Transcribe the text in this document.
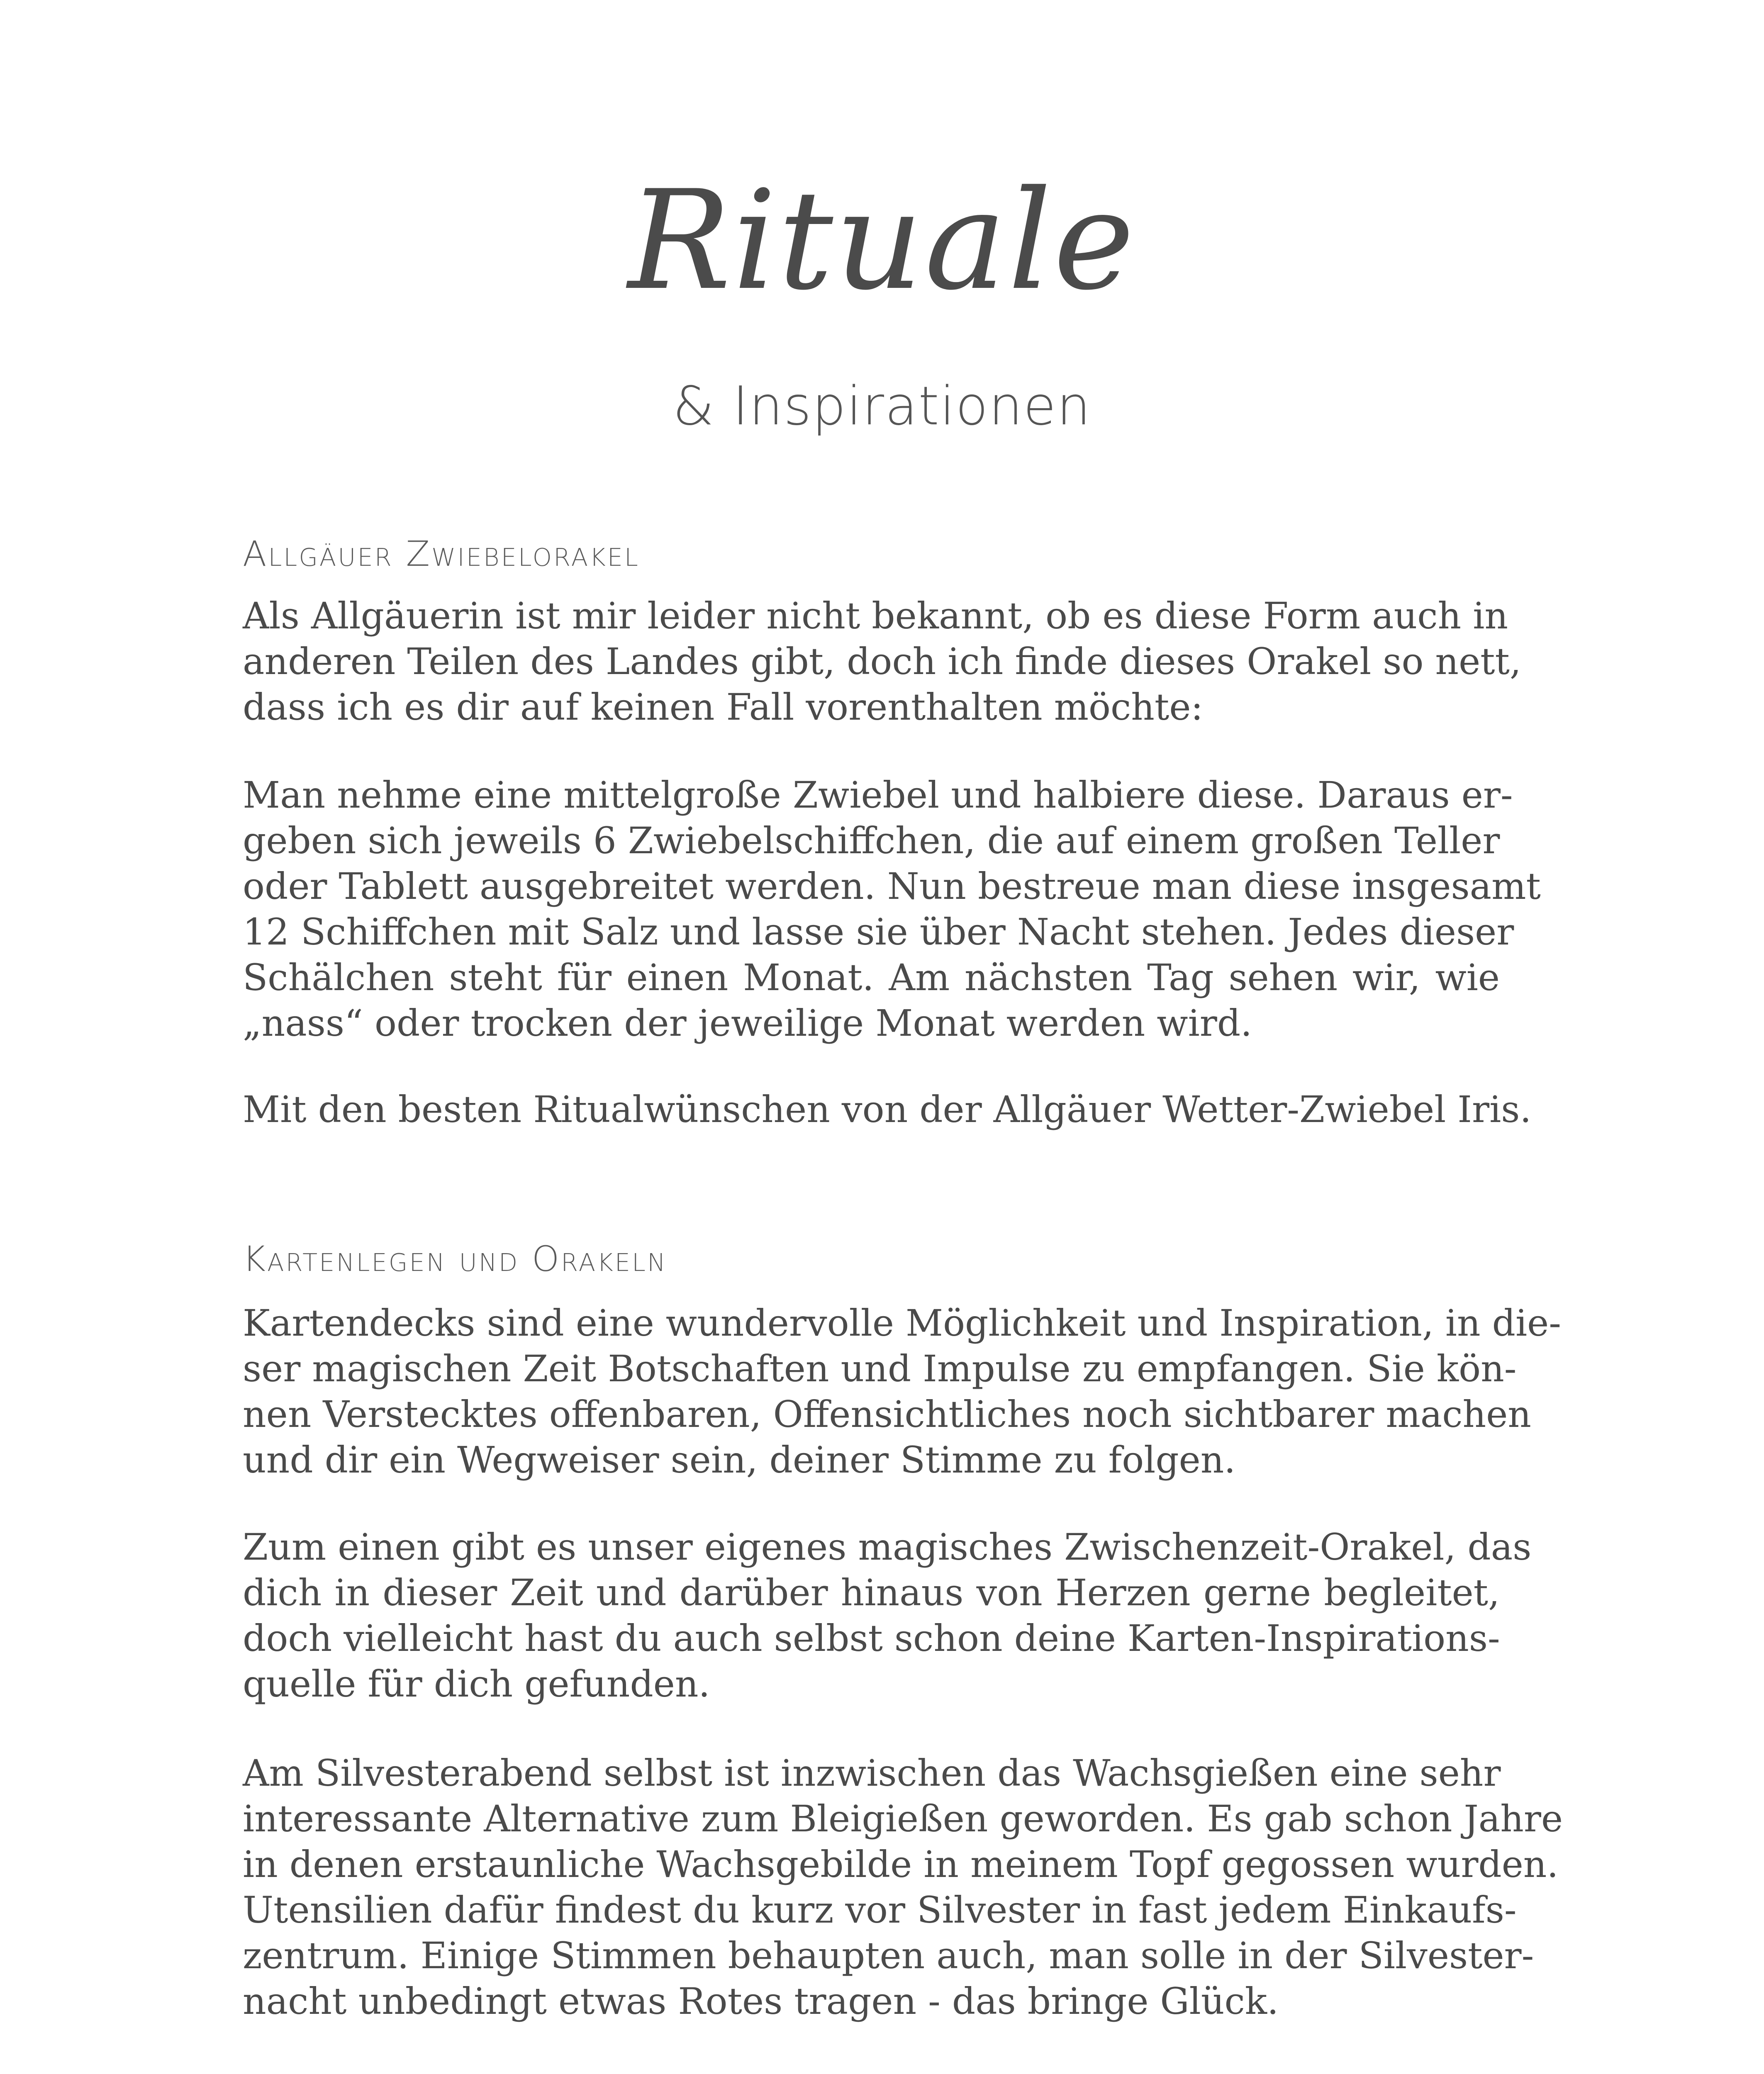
Rituale
& Inspirationen
Allgäuer Zwiebelorakel
Als Allgäuerin ist mir leider nicht bekannt, ob es diese Form auch in
anderen Teilen des Landes gibt, doch ich finde dieses Orakel so nett,
dass ich es dir auf keinen Fall vorenthalten möchte:
Man nehme eine mittelgroße Zwiebel und halbiere diese. Daraus er-
geben sich jeweils 6 Zwiebelschiffchen, die auf einem großen Teller
oder Tablett ausgebreitet werden. Nun bestreue man diese insgesamt
12 Schiffchen mit Salz und lasse sie über Nacht stehen. Jedes dieser
Schälchen steht für einen Monat. Am nächsten Tag sehen wir, wie
„nass“ oder trocken der jeweilige Monat werden wird.
Mit den besten Ritualwünschen von der Allgäuer Wetter-Zwiebel Iris.
Kartenlegen und Orakeln
Kartendecks sind eine wundervolle Möglichkeit und Inspiration, in die-
ser magischen Zeit Botschaften und Impulse zu empfangen. Sie kön-
nen Verstecktes offenbaren, Offensichtliches noch sichtbarer machen
und dir ein Wegweiser sein, deiner Stimme zu folgen.
Zum einen gibt es unser eigenes magisches Zwischenzeit-Orakel, das
dich in dieser Zeit und darüber hinaus von Herzen gerne begleitet,
doch vielleicht hast du auch selbst schon deine Karten-Inspirations-
quelle für dich gefunden.
Am Silvesterabend selbst ist inzwischen das Wachsgießen eine sehr
interessante Alternative zum Bleigießen geworden. Es gab schon Jahre
in denen erstaunliche Wachsgebilde in meinem Topf gegossen wurden.
Utensilien dafür findest du kurz vor Silvester in fast jedem Einkaufs-
zentrum. Einige Stimmen behaupten auch, man solle in der Silvester-
nacht unbedingt etwas Rotes tragen - das bringe Glück.
